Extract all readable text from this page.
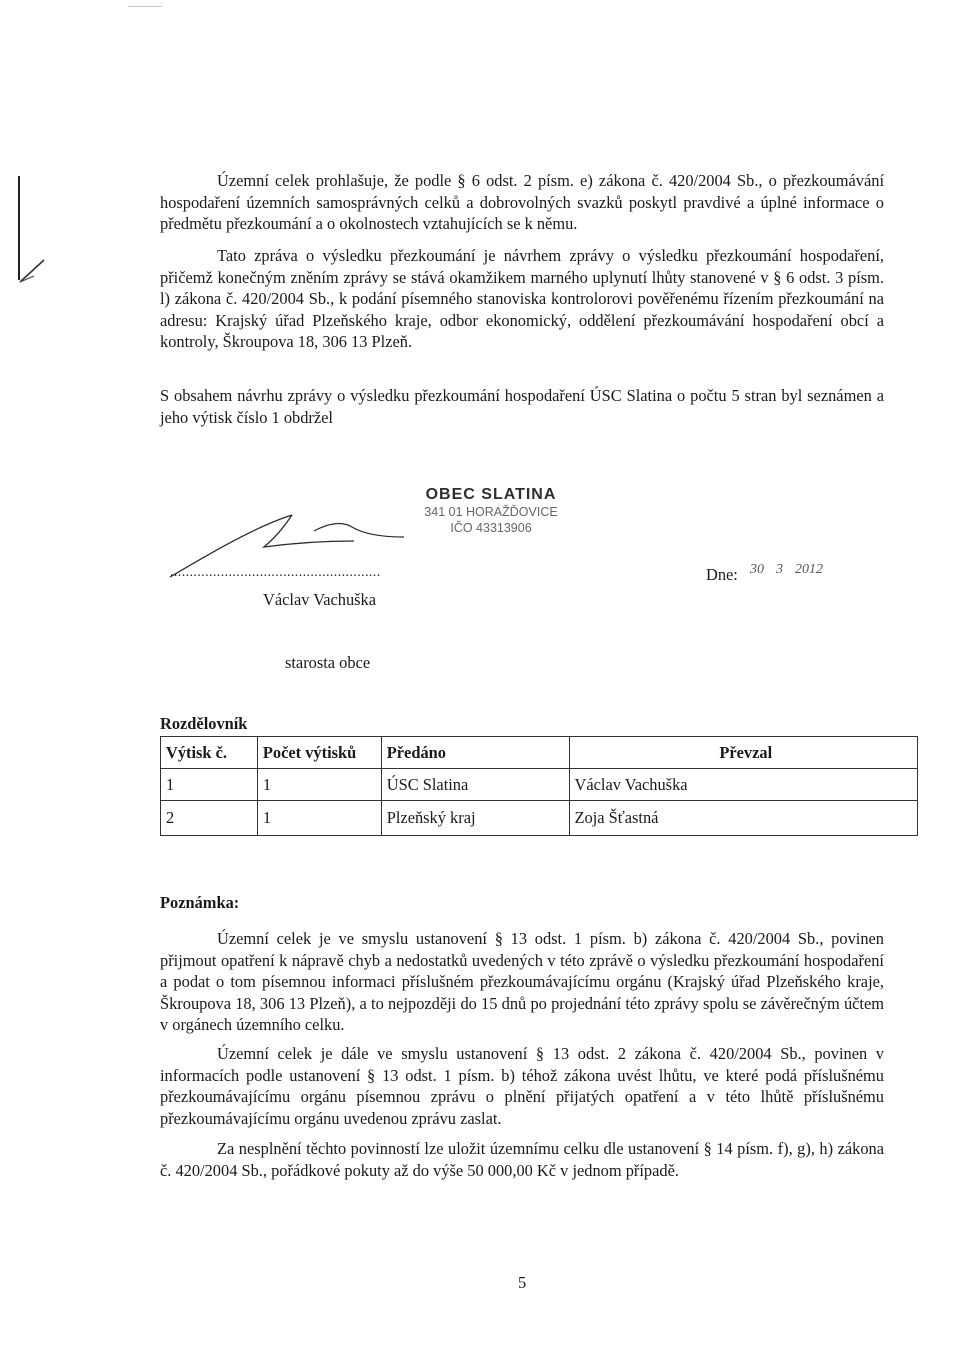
Územní celek prohlašuje, že podle § 6 odst. 2 písm. e) zákona č. 420/2004 Sb., o přezkoumávání hospodaření územních samosprávných celků a dobrovolných svazků poskytl pravdivé a úplné informace o předmětu přezkoumání a o okolnostech vztahujících se k němu.

Tato zpráva o výsledku přezkoumání je návrhem zprávy o výsledku přezkoumání hospodaření, přičemž konečným zněním zprávy se stává okamžikem marného uplynutí lhůty stanovené v § 6 odst. 3 písm. l) zákona č. 420/2004 Sb., k podání písemného stanoviska kontrolorovi pověřenému řízením přezkoumání na adresu: Krajský úřad Plzeňského kraje, odbor ekonomický, oddělení přezkoumávání hospodaření obcí a kontroly, Škroupova 18, 306 13 Plzeň.

S obsahem návrhu zprávy o výsledku přezkoumání hospodaření ÚSC Slatina o počtu 5 stran byl seznámen a jeho výtisk číslo 1 obdržel

OBEC SLATINA
341 01 HORAŽĎOVICE
IČO 43313906
......................................................
Václav Vachuška
starosta obce
Dne: 30 3 2012
Rozdělovník
Výtisk č.	Počet výtisků	Předáno	Převzal
1	1	ÚSC Slatina	Václav Vachuška
2	1	Plzeňský kraj	Zoja Šťastná
Poznámka:

Územní celek je ve smyslu ustanovení § 13 odst. 1 písm. b) zákona č. 420/2004 Sb., povinen přijmout opatření k nápravě chyb a nedostatků uvedených v této zprávě o výsledku přezkoumání hospodaření a podat o tom písemnou informaci příslušném přezkoumávajícímu orgánu (Krajský úřad Plzeňského kraje, Škroupova 18, 306 13 Plzeň), a to nejpozději do 15 dnů po projednání této zprávy spolu se závěrečným účtem v orgánech územního celku.

Územní celek je dále ve smyslu ustanovení § 13 odst. 2 zákona č. 420/2004 Sb., povinen v informacích podle ustanovení § 13 odst. 1 písm. b) téhož zákona uvést lhůtu, ve které podá příslušnému přezkoumávajícímu orgánu písemnou zprávu o plnění přijatých opatření a v této lhůtě příslušnému přezkoumávajícímu orgánu uvedenou zprávu zaslat.

Za nesplnění těchto povinností lze uložit územnímu celku dle ustanovení § 14 písm. f), g), h) zákona č. 420/2004 Sb., pořádkové pokuty až do výše 50 000,00 Kč v jednom případě.

5
